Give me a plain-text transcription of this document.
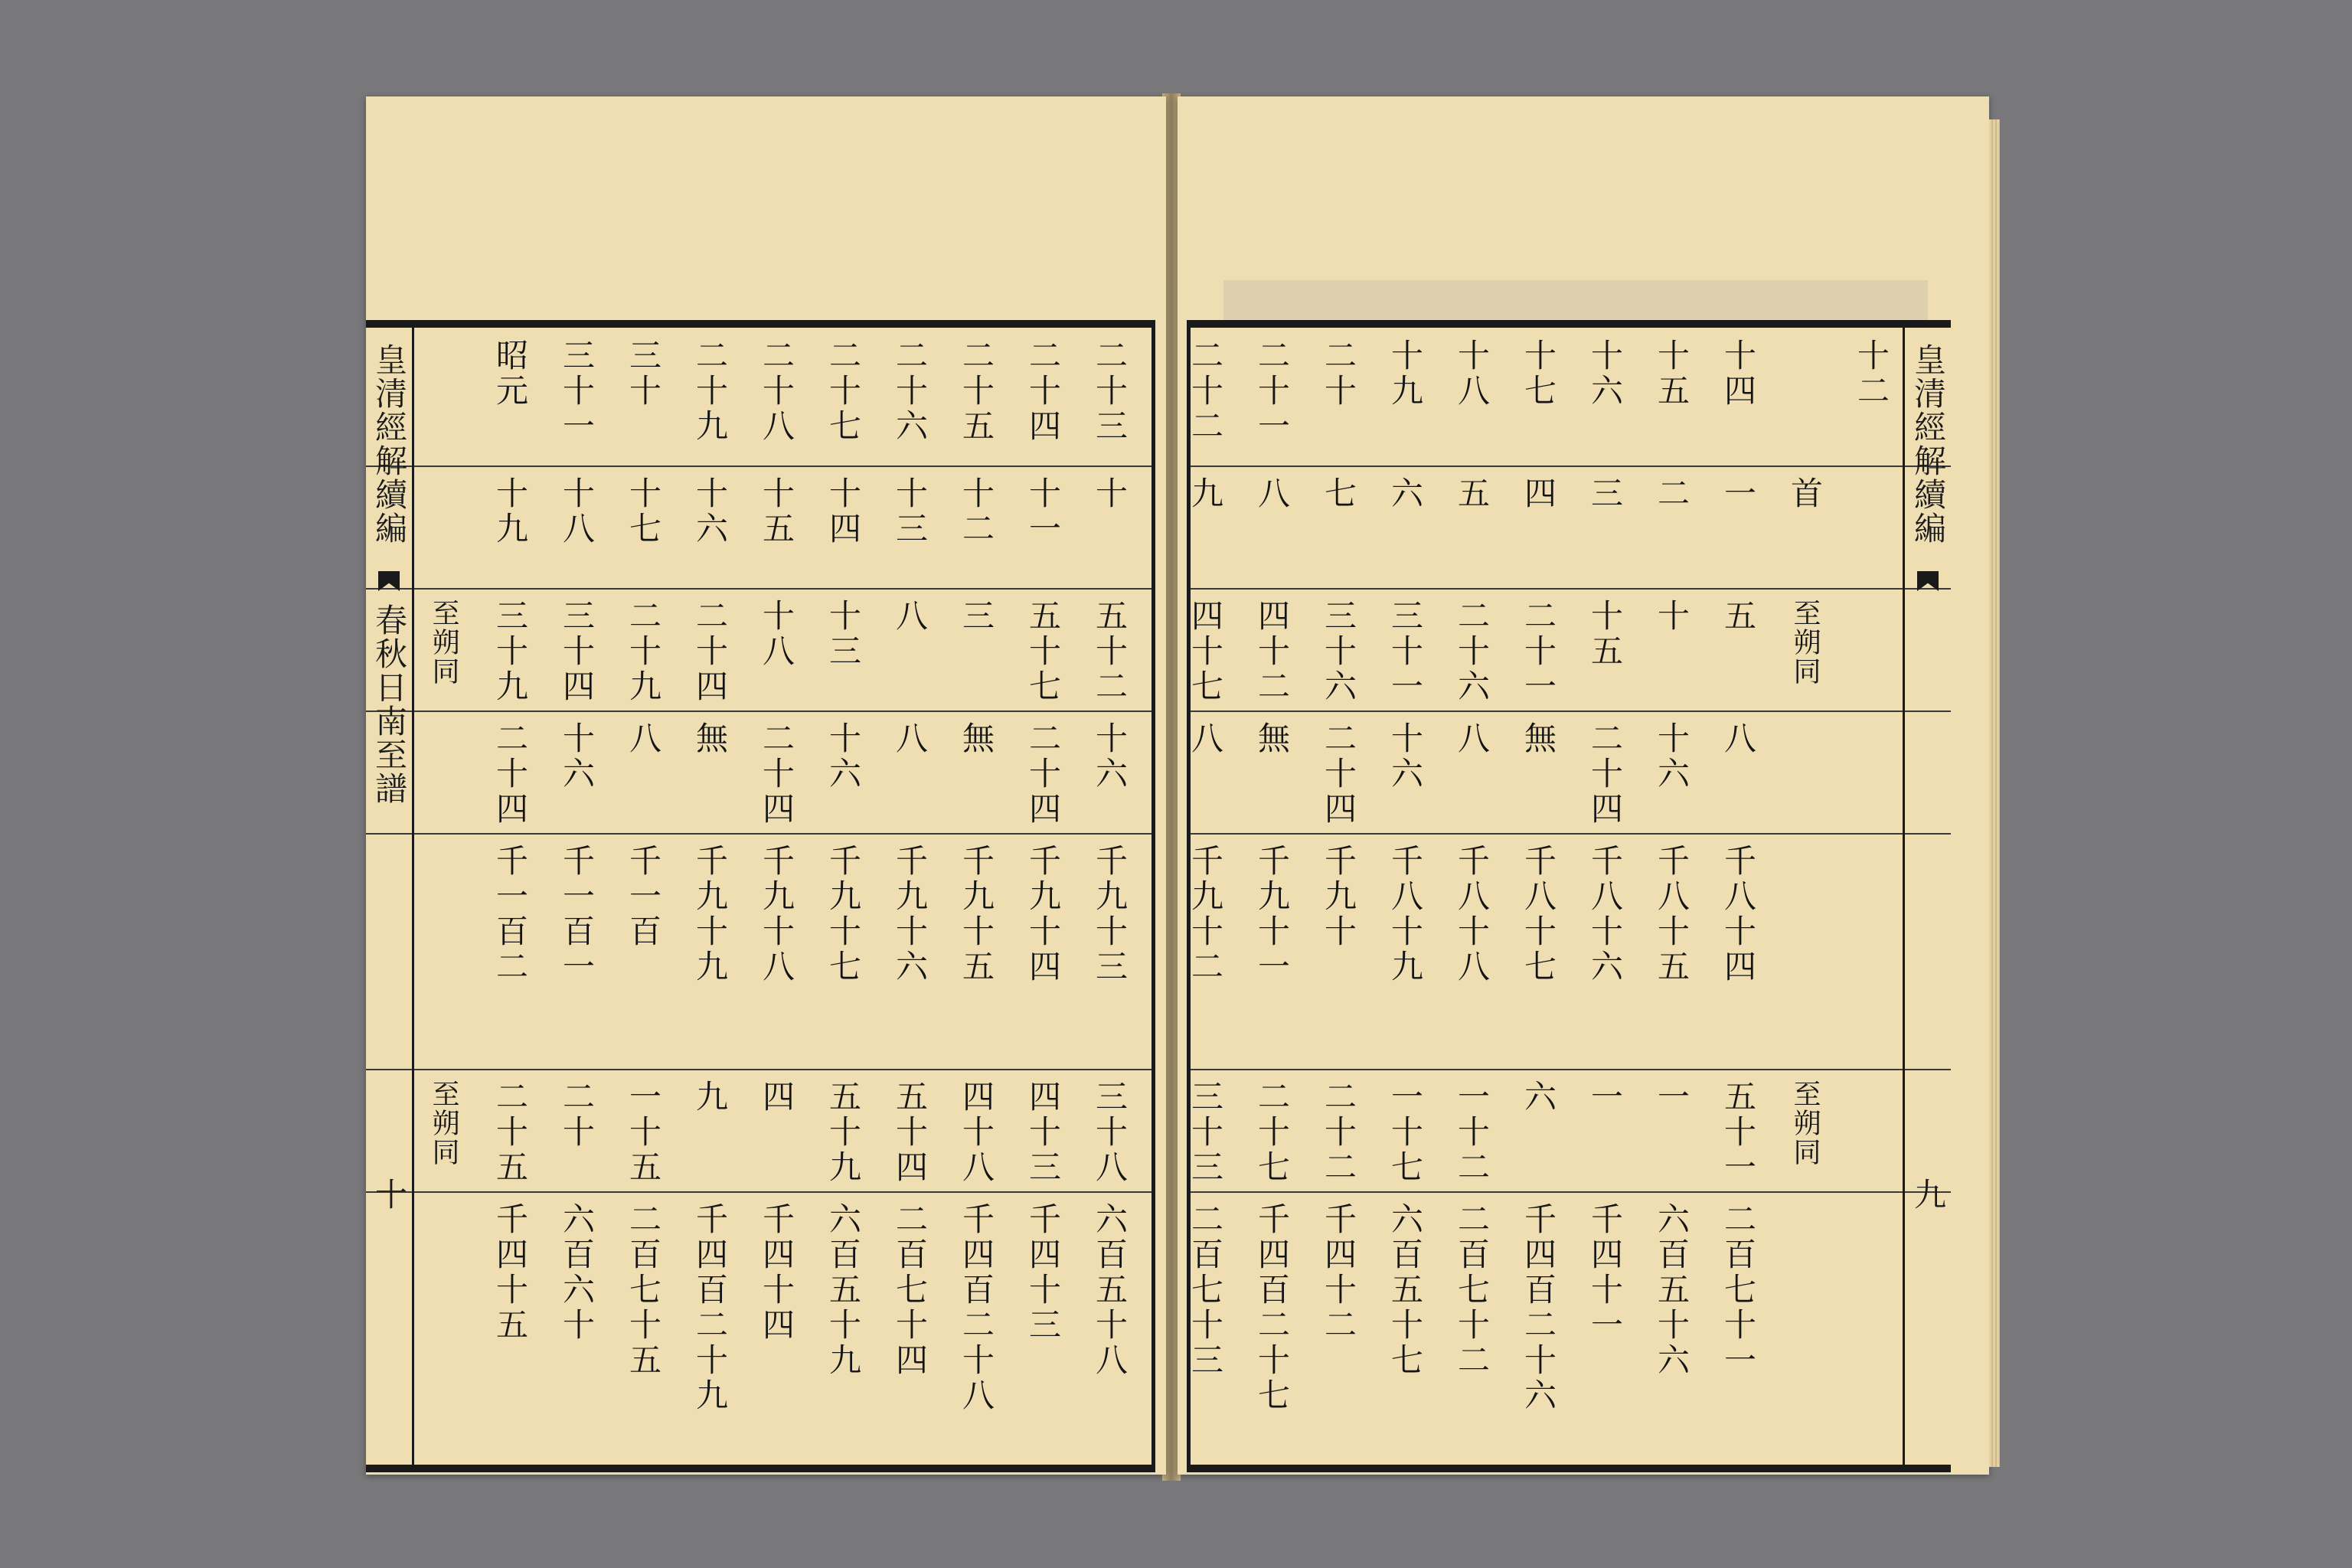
皇清經解續編
春秋日南至譜
十
二十三
十
五十二
十六
千九十三
三十八
六百五十八
二十四
十一
五十七
二十四
千九十四
四十三
千四十三
二十五
十二
三
無
千九十五
四十八
千四百二十八
二十六
十三
八
八
千九十六
五十四
二百七十四
二十七
十四
十三
十六
千九十七
五十九
六百五十九
二十八
十五
十八
二十四
千九十八
四
千四十四
二十九
十六
二十四
無
千九十九
九
千四百二十九
三十
十七
二十九
八
千一百
一十五
二百七十五
三十一
十八
三十四
十六
千一百一
二十
六百六十
昭元
十九
三十九
二十四
千一百二
二十五
千四十五
至朔同
至朔同
皇清經解續編
九
十二
首
至朔同
至朔同
十四
一
五
八
千八十四
五十一
二百七十一
十五
二
十
十六
千八十五
一
六百五十六
十六
三
十五
二十四
千八十六
一
千四十一
十七
四
二十一
無
千八十七
六
千四百二十六
十八
五
二十六
八
千八十八
一十二
二百七十二
十九
六
三十一
十六
千八十九
一十七
六百五十七
二十
七
三十六
二十四
千九十
二十二
千四十二
二十一
八
四十二
無
千九十一
二十七
千四百二十七
二十二
九
四十七
八
千九十二
三十三
二百七十三
